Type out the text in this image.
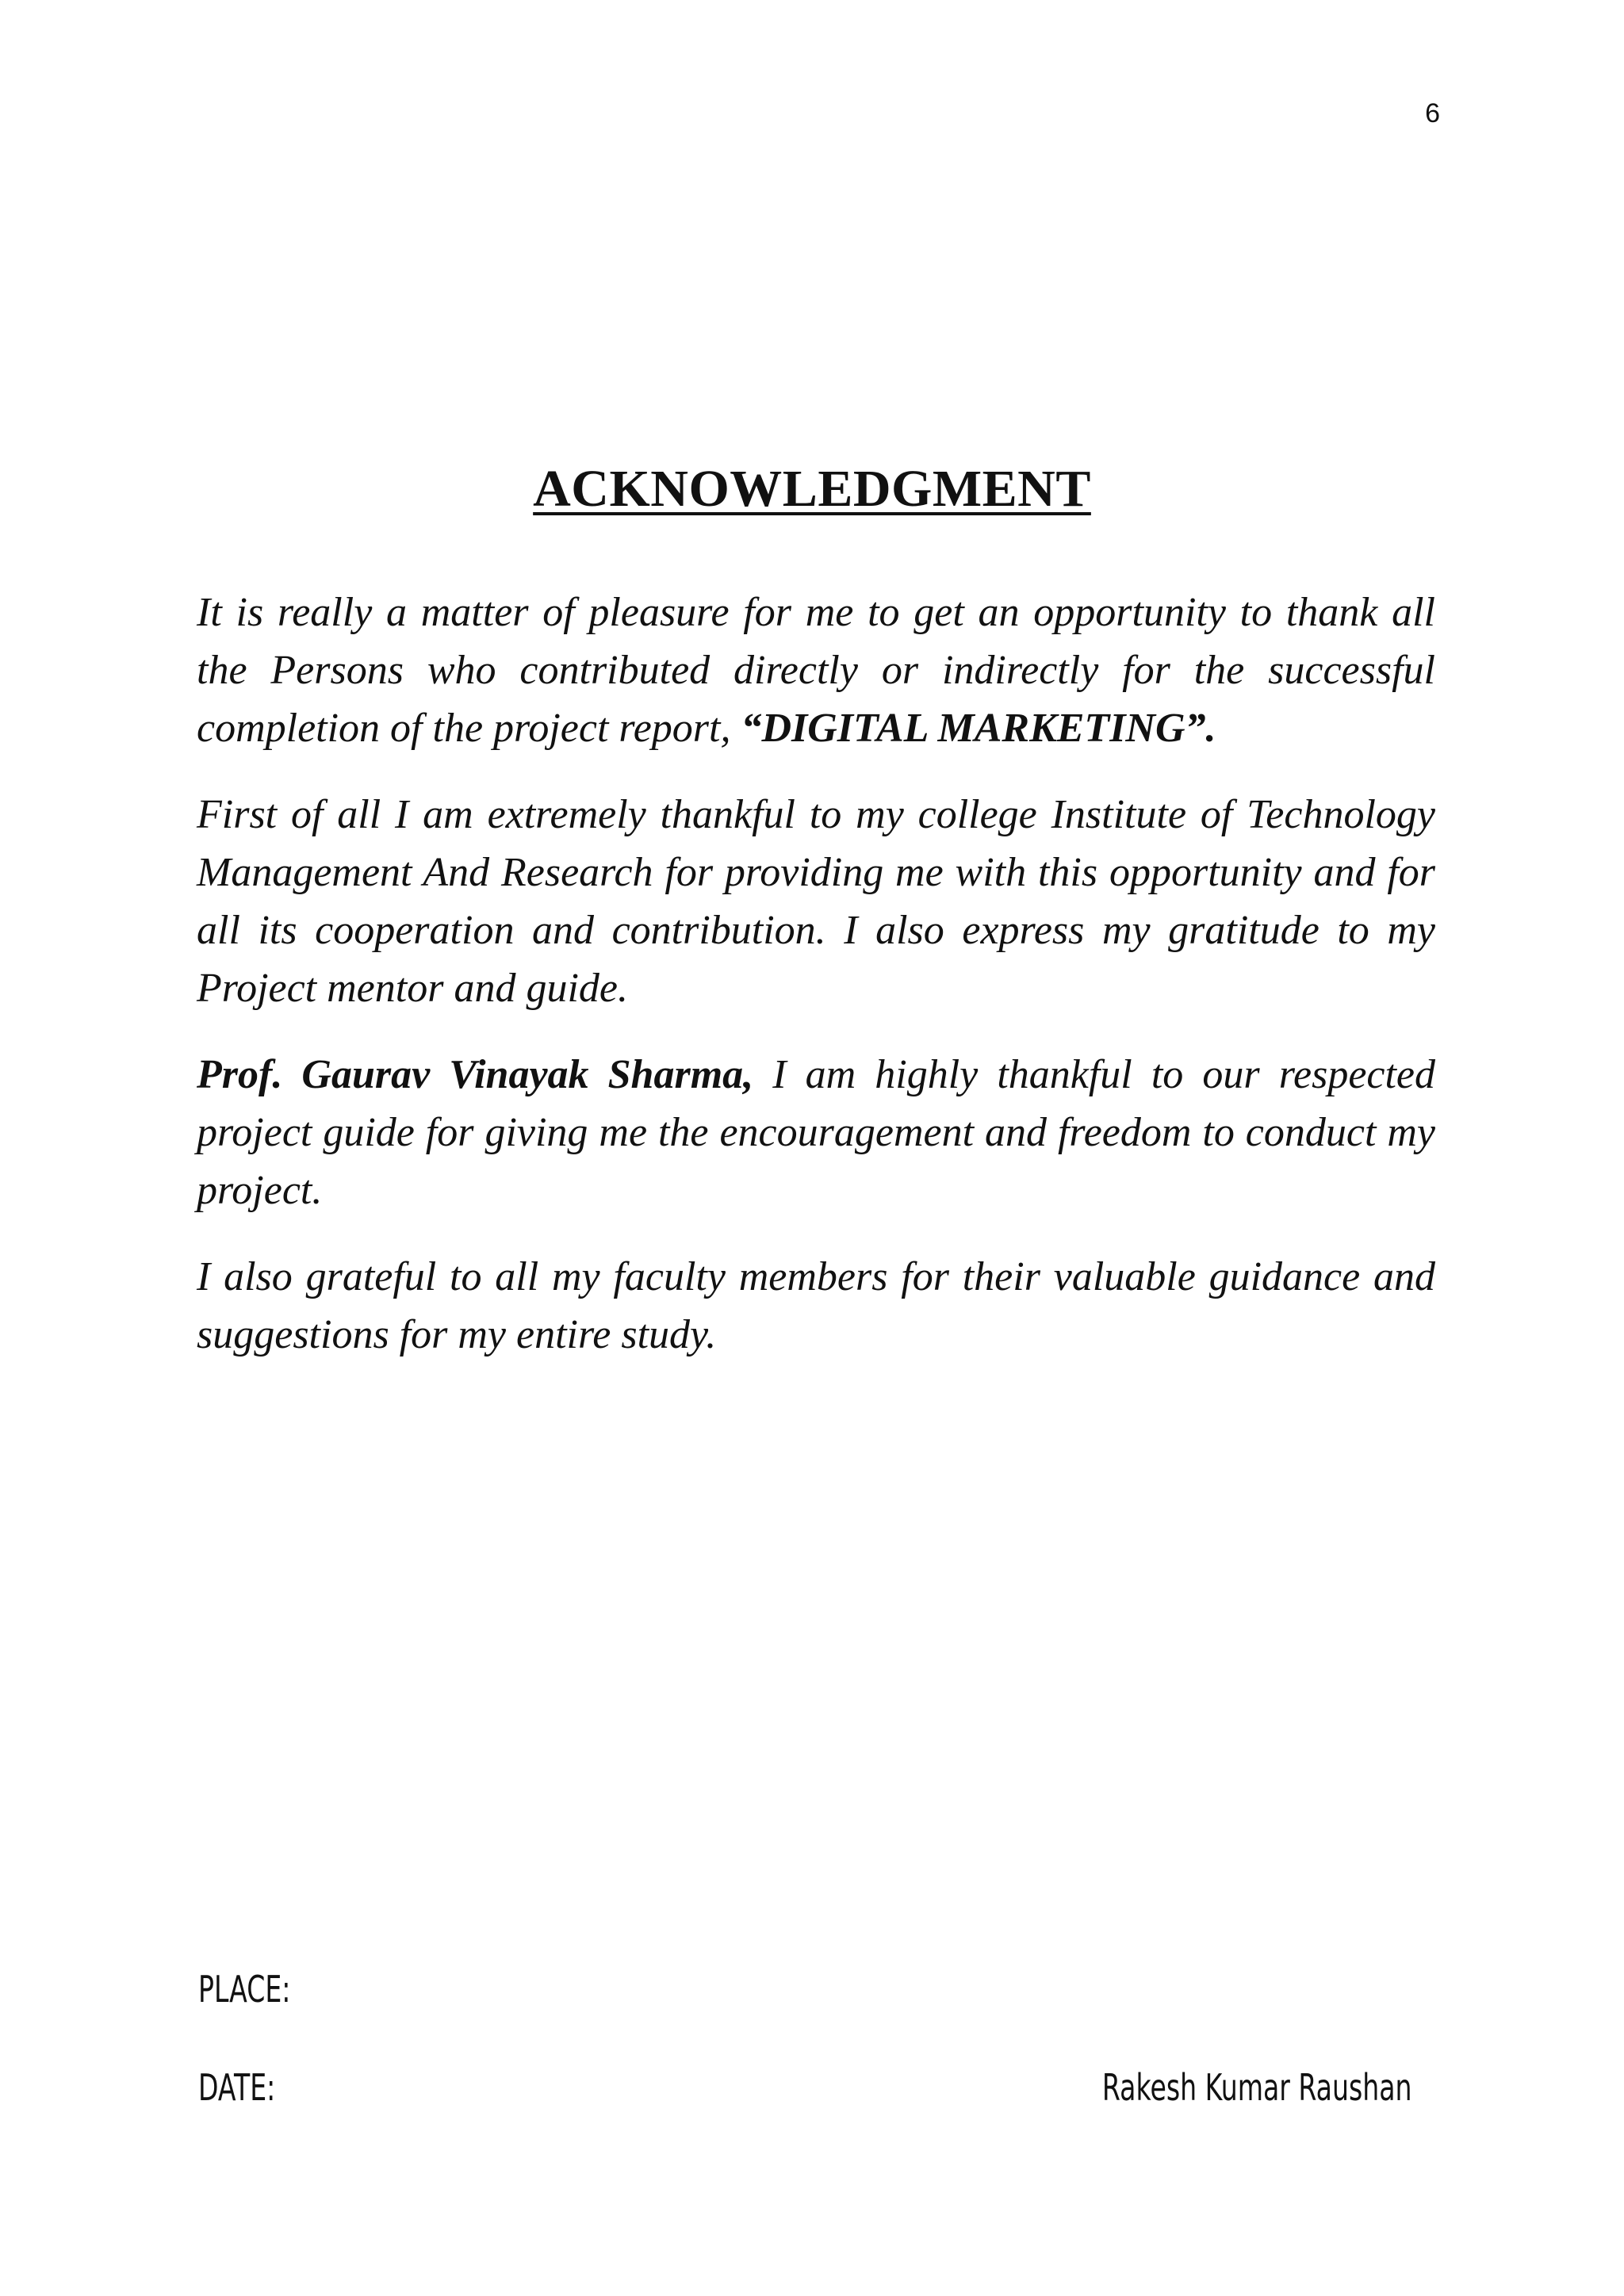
6
ACKNOWLEDGMENT

It is really a matter of pleasure for me to get an opportunity to thank all the Persons who contributed directly or indirectly for the successful completion of the project report, “DIGITAL MARKETING”.

First of all I am extremely thankful to my college Institute of Technology Management And Research for providing me with this opportunity and for all its cooperation and contribution. I also express my gratitude to my Project mentor and guide.

Prof. Gaurav Vinayak Sharma, I am highly thankful to our respected project guide for giving me the encouragement and freedom to conduct my project.

I also grateful to all my faculty members for their valuable guidance and suggestions for my entire study.

PLACE:
DATE:	Rakesh Kumar Raushan
